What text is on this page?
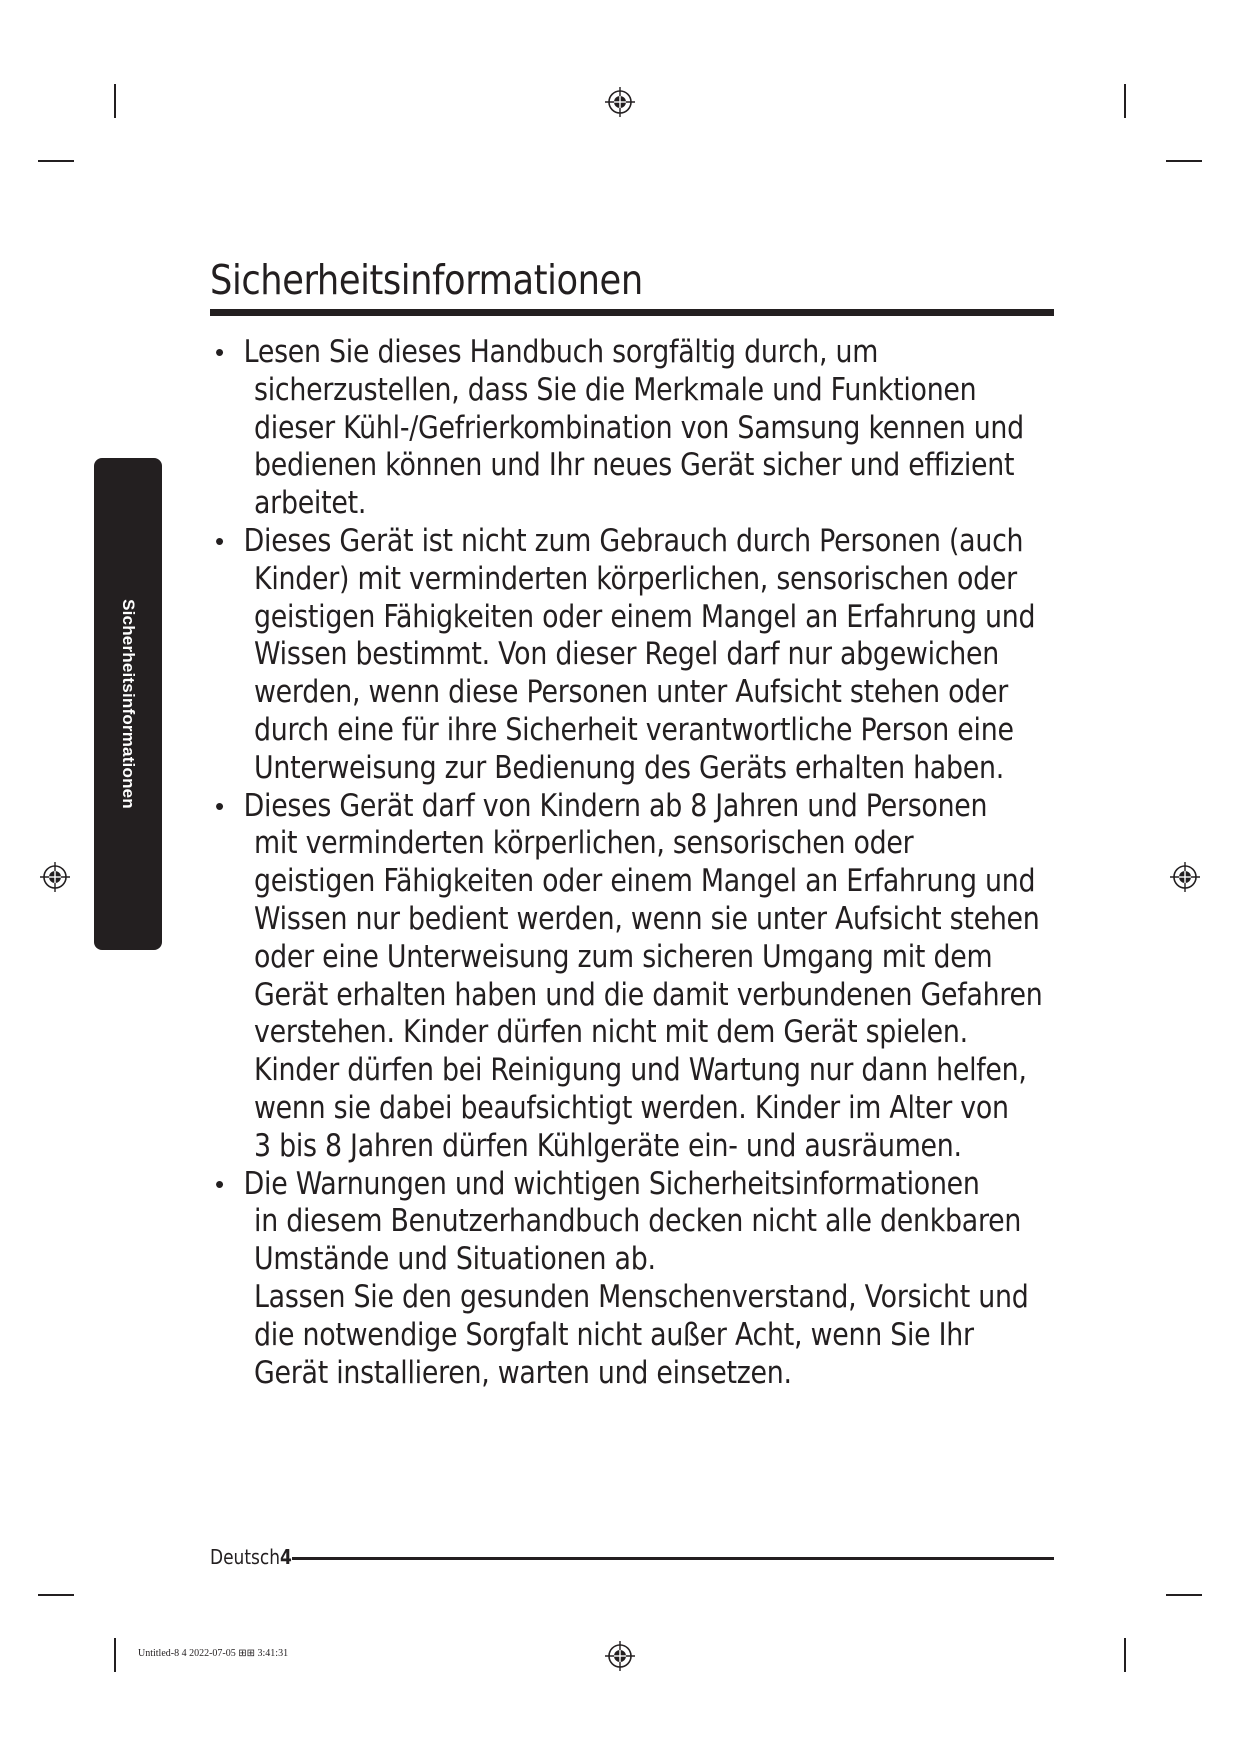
Sicherheitsinformationen
Sicherheitsinformationen
• Lesen Sie dieses Handbuch sorgfältig durch, um
sicherzustellen, dass Sie die Merkmale und Funktionen
dieser Kühl-/Gefrierkombination von Samsung kennen und
bedienen können und Ihr neues Gerät sicher und effizient
arbeitet.
• Dieses Gerät ist nicht zum Gebrauch durch Personen (auch
Kinder) mit verminderten körperlichen, sensorischen oder
geistigen Fähigkeiten oder einem Mangel an Erfahrung und
Wissen bestimmt. Von dieser Regel darf nur abgewichen
werden, wenn diese Personen unter Aufsicht stehen oder
durch eine für ihre Sicherheit verantwortliche Person eine
Unterweisung zur Bedienung des Geräts erhalten haben.
• Dieses Gerät darf von Kindern ab 8 Jahren und Personen
mit verminderten körperlichen, sensorischen oder
geistigen Fähigkeiten oder einem Mangel an Erfahrung und
Wissen nur bedient werden, wenn sie unter Aufsicht stehen
oder eine Unterweisung zum sicheren Umgang mit dem
Gerät erhalten haben und die damit verbundenen Gefahren
verstehen. Kinder dürfen nicht mit dem Gerät spielen.
Kinder dürfen bei Reinigung und Wartung nur dann helfen,
wenn sie dabei beaufsichtigt werden. Kinder im Alter von
3 bis 8 Jahren dürfen Kühlgeräte ein- und ausräumen.
• Die Warnungen und wichtigen Sicherheitsinformationen
in diesem Benutzerhandbuch decken nicht alle denkbaren
Umstände und Situationen ab.
Lassen Sie den gesunden Menschenverstand, Vorsicht und
die notwendige Sorgfalt nicht außer Acht, wenn Sie Ihr
Gerät installieren, warten und einsetzen.
Deutsch4
Untitled-8 4 2022-07-05 ⊞⊞ 3:41:31
